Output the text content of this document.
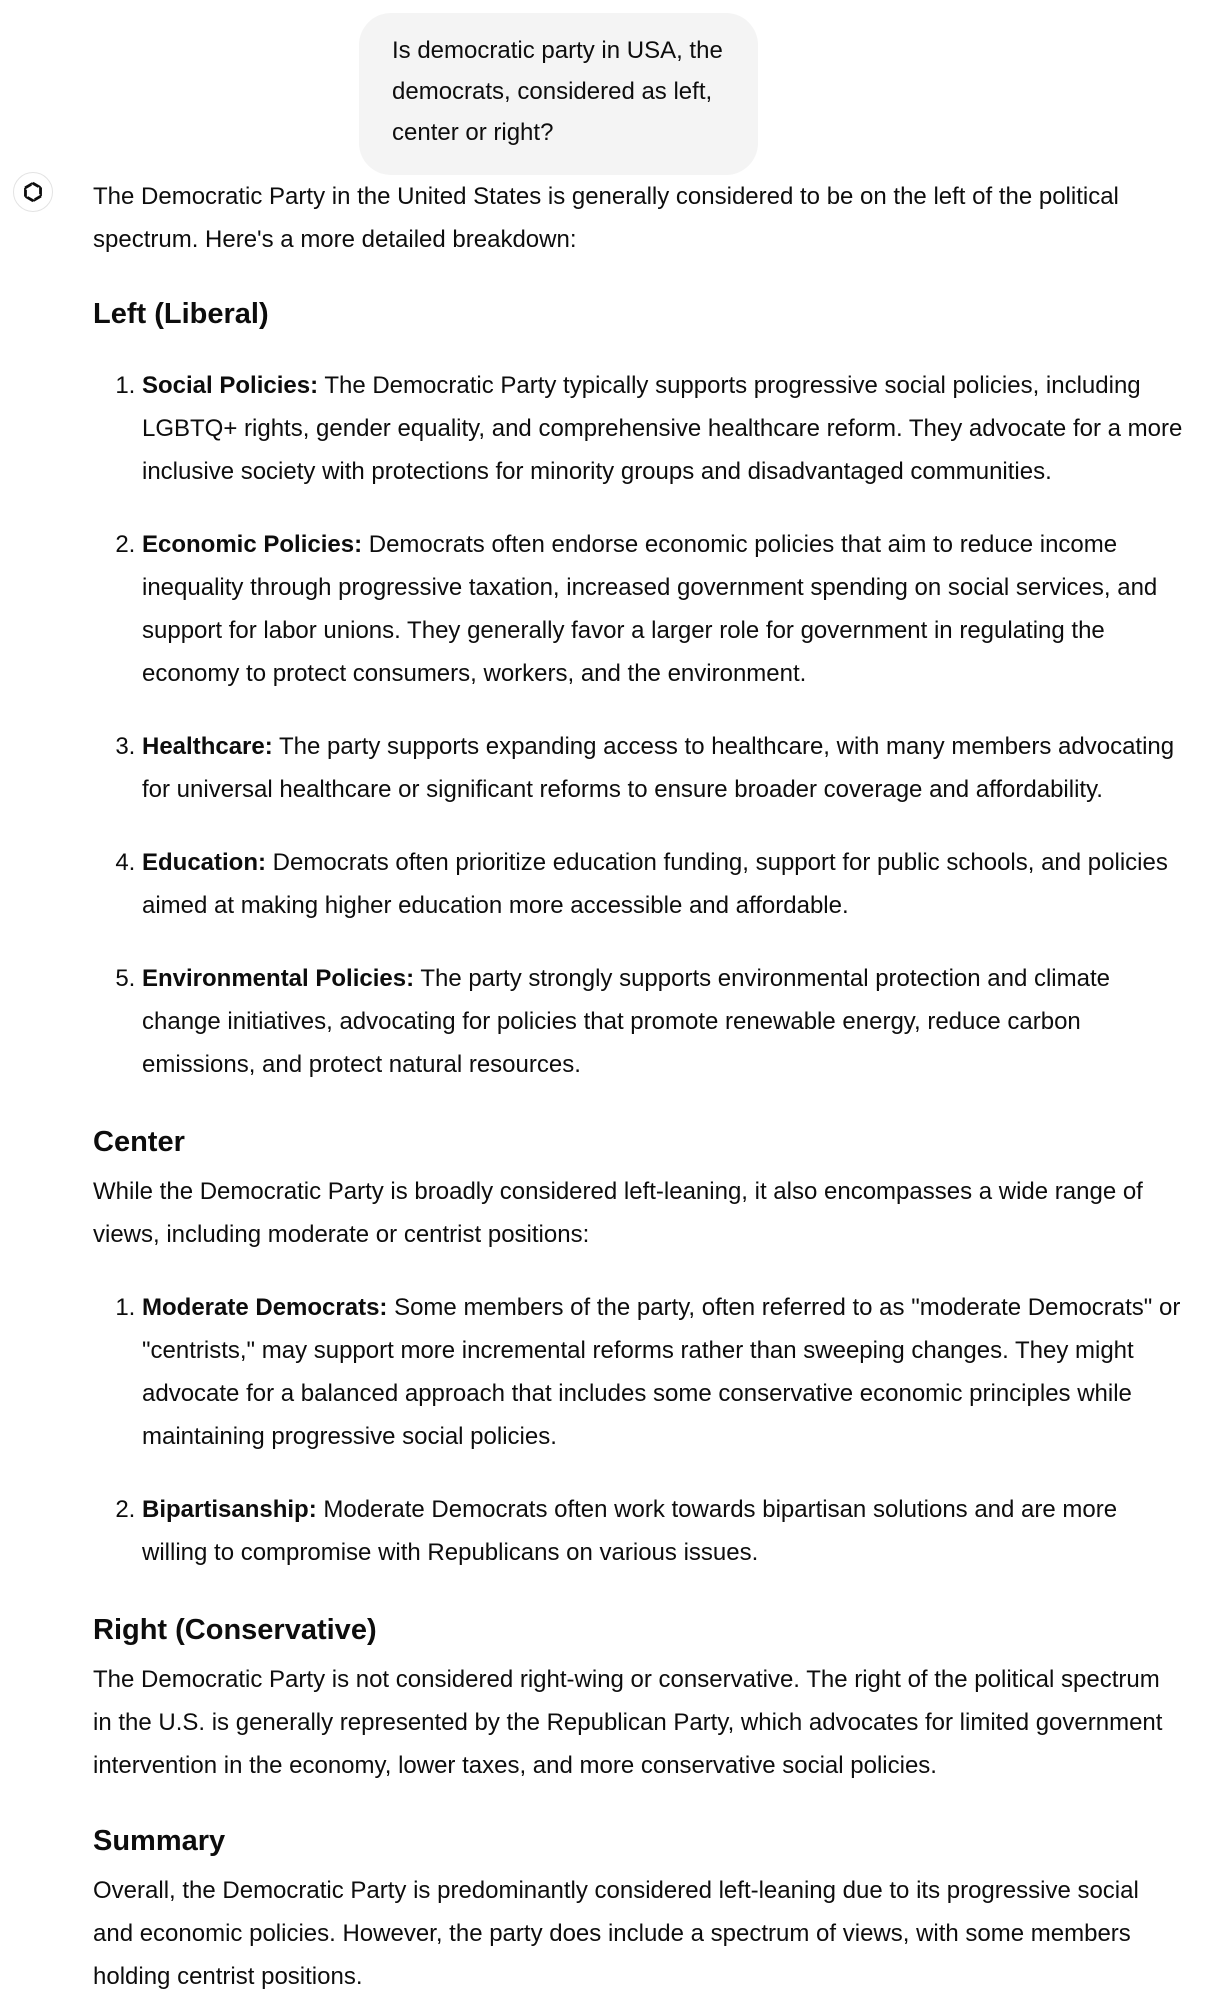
Is democratic party in USA, the democrats, considered as left, center or right?

The Democratic Party in the United States is generally considered to be on the left of the political spectrum. Here's a more detailed breakdown:

Left (Liberal)
1. Social Policies: The Democratic Party typically supports progressive social policies, including LGBTQ+ rights, gender equality, and comprehensive healthcare reform. They advocate for a more inclusive society with protections for minority groups and disadvantaged communities.
2. Economic Policies: Democrats often endorse economic policies that aim to reduce income inequality through progressive taxation, increased government spending on social services, and support for labor unions. They generally favor a larger role for government in regulating the economy to protect consumers, workers, and the environment.
3. Healthcare: The party supports expanding access to healthcare, with many members advocating for universal healthcare or significant reforms to ensure broader coverage and affordability.
4. Education: Democrats often prioritize education funding, support for public schools, and policies aimed at making higher education more accessible and affordable.
5. Environmental Policies: The party strongly supports environmental protection and climate change initiatives, advocating for policies that promote renewable energy, reduce carbon emissions, and protect natural resources.
Center

While the Democratic Party is broadly considered left-leaning, it also encompasses a wide range of views, including moderate or centrist positions:

1. Moderate Democrats: Some members of the party, often referred to as "moderate Democrats" or "centrists," may support more incremental reforms rather than sweeping changes. They might advocate for a balanced approach that includes some conservative economic principles while maintaining progressive social policies.
2. Bipartisanship: Moderate Democrats often work towards bipartisan solutions and are more willing to compromise with Republicans on various issues.
Right (Conservative)

The Democratic Party is not considered right-wing or conservative. The right of the political spectrum in the U.S. is generally represented by the Republican Party, which advocates for limited government intervention in the economy, lower taxes, and more conservative social policies.

Summary

Overall, the Democratic Party is predominantly considered left-leaning due to its progressive social and economic policies. However, the party does include a spectrum of views, with some members holding centrist positions.
